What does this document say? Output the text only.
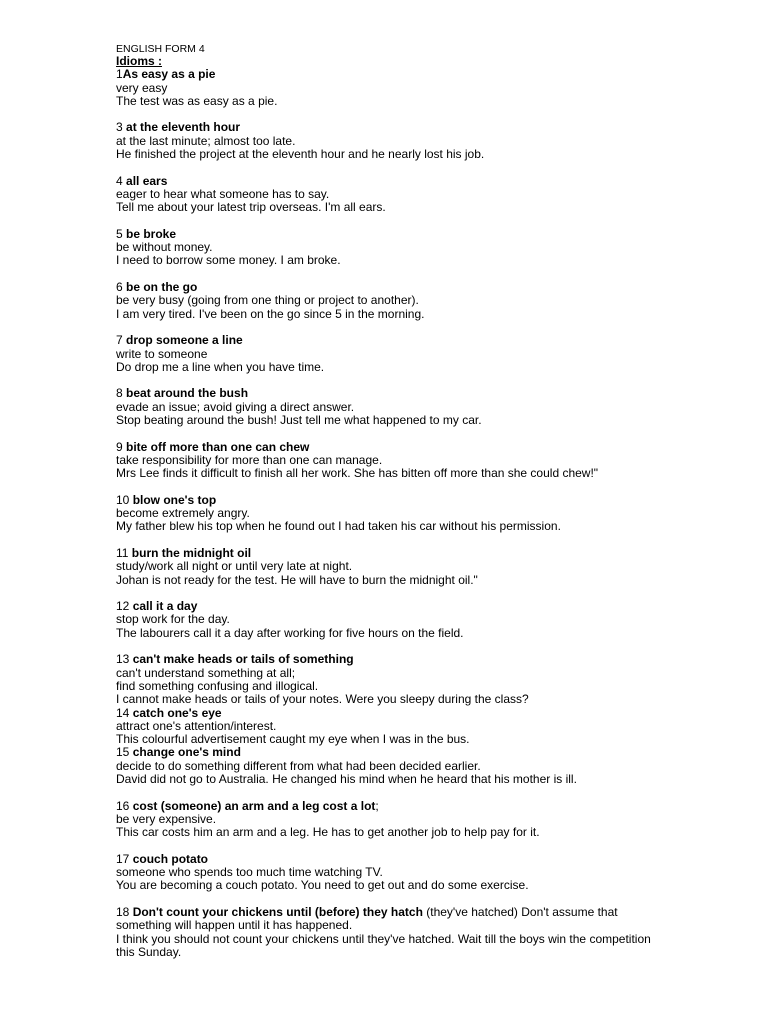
ENGLISH FORM 4
Idioms :
1As easy as a pie
very easy
The test was as easy as a pie.
3 at the eleventh hour
at the last minute; almost too late.
He finished the project at the eleventh hour and he nearly lost his job.
4 all ears
eager to hear what someone has to say.
Tell me about your latest trip overseas. I'm all ears.
5 be broke
be without money.
I need to borrow some money. I am broke.
6 be on the go
be very busy (going from one thing or project to another).
I am very tired. I've been on the go since 5 in the morning.
7 drop someone a line
write to someone
Do drop me a line when you have time.
8 beat around the bush
evade an issue; avoid giving a direct answer.
Stop beating around the bush! Just tell me what happened to my car.
9 bite off more than one can chew
take responsibility for more than one can manage.
Mrs Lee finds it difficult to finish all her work. She has bitten off more than she could chew!"
10 blow one's top
become extremely angry.
My father blew his top when he found out I had taken his car without his permission.
11 burn the midnight oil
study/work all night or until very late at night.
Johan is not ready for the test. He will have to burn the midnight oil."
12 call it a day
stop work for the day.
The labourers call it a day after working for five hours on the field.
13 can't make heads or tails of something
can't understand something at all;
find something confusing and illogical.
I cannot make heads or tails of your notes. Were you sleepy during the class?
14 catch one's eye
attract one's attention/interest.
This colourful advertisement caught my eye when I was in the bus.
15 change one's mind
decide to do something different from what had been decided earlier.
David did not go to Australia. He changed his mind when he heard that his mother is ill.
16 cost (someone) an arm and a leg cost a lot;
be very expensive.
This car costs him an arm and a leg. He has to get another job to help pay for it.
17 couch potato
someone who spends too much time watching TV.
You are becoming a couch potato. You need to get out and do some exercise.
18 Don't count your chickens until (before) they hatch (they've hatched) Don't assume that something will happen until it has happened.
I think you should not count your chickens until they've hatched. Wait till the boys win the competition this Sunday.
